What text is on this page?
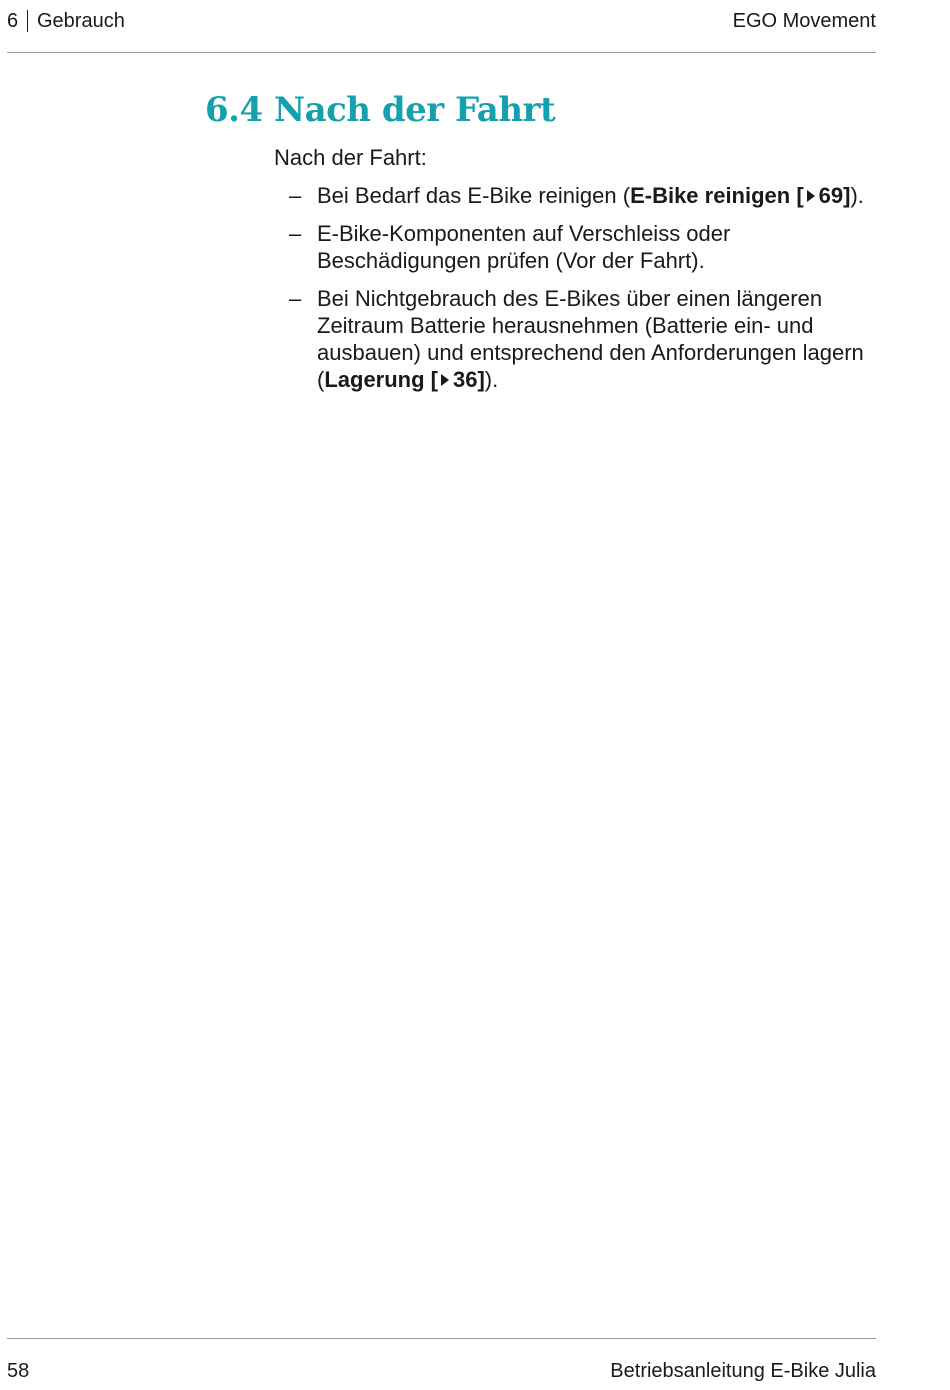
6 Gebrauch	EGO Movement
6.4 Nach der Fahrt

Nach der Fahrt:

– Bei Bedarf das E-Bike reinigen (E-Bike reinigen [ 69]).
– E-Bike-Komponenten auf Verschleiss oder Beschädigungen prüfen (Vor der Fahrt).
– Bei Nichtgebrauch des E-Bikes über einen längeren Zeitraum Batterie herausnehmen (Batterie ein- und ausbauen) und entsprechend den Anforderungen lagern (Lagerung [ 36]).
58	Betriebsanleitung E-Bike Julia
